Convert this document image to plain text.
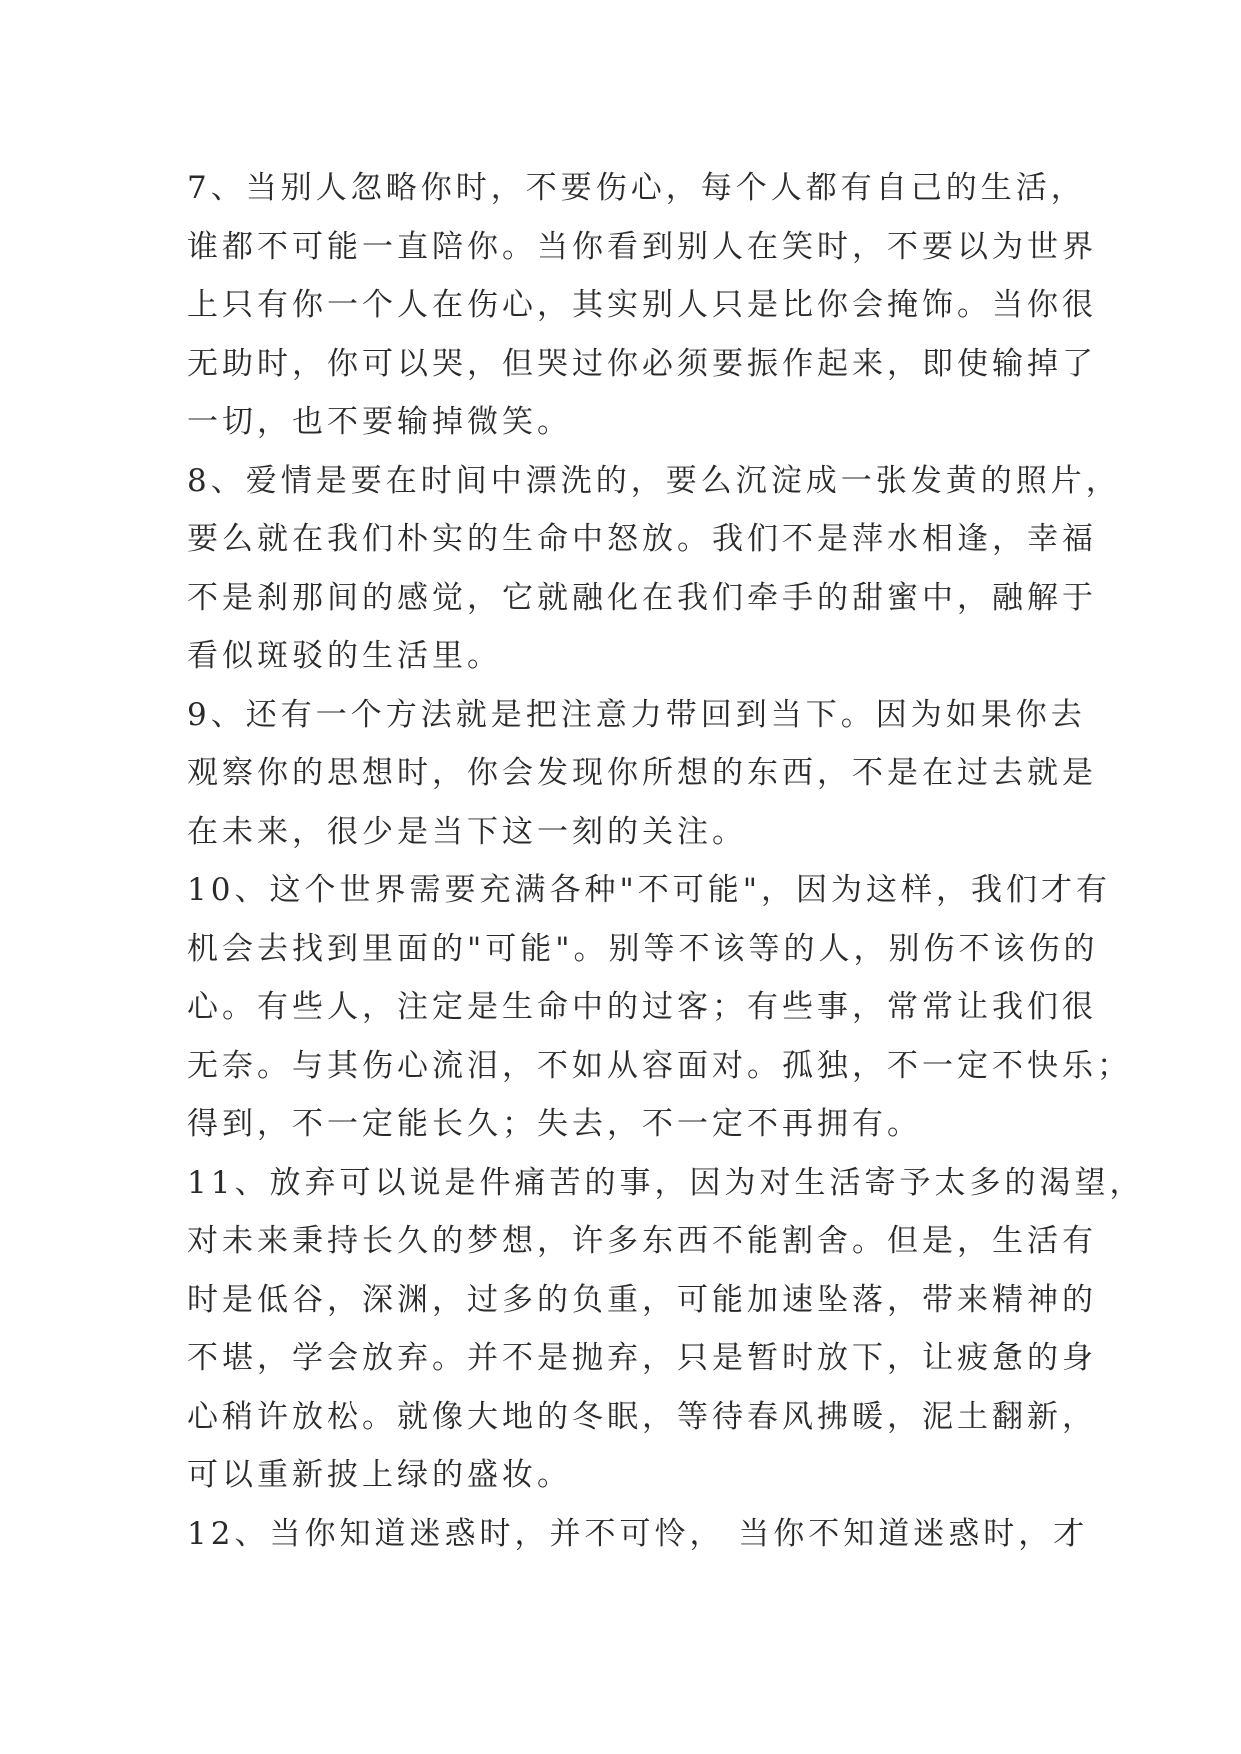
7、当别人忽略你时，不要伤心，每个人都有自己的生活，
谁都不可能一直陪你。当你看到别人在笑时，不要以为世界
上只有你一个人在伤心，其实别人只是比你会掩饰。当你很
无助时，你可以哭，但哭过你必须要振作起来，即使输掉了
一切，也不要输掉微笑。
8、爱情是要在时间中漂洗的，要么沉淀成一张发黄的照片，
要么就在我们朴实的生命中怒放。我们不是萍水相逢，幸福
不是刹那间的感觉，它就融化在我们牵手的甜蜜中，融解于
看似斑驳的生活里。
9、还有一个方法就是把注意力带回到当下。因为如果你去
观察你的思想时，你会发现你所想的东西，不是在过去就是
在未来，很少是当下这一刻的关注。
10、这个世界需要充满各种"不可能"，因为这样，我们才有
机会去找到里面的"可能"。别等不该等的人，别伤不该伤的
心。有些人，注定是生命中的过客；有些事，常常让我们很
无奈。与其伤心流泪，不如从容面对。孤独，不一定不快乐；
得到，不一定能长久；失去，不一定不再拥有。
11、放弃可以说是件痛苦的事，因为对生活寄予太多的渴望，
对未来秉持长久的梦想，许多东西不能割舍。但是，生活有
时是低谷，深渊，过多的负重，可能加速坠落，带来精神的
不堪，学会放弃。并不是抛弃，只是暂时放下，让疲惫的身
心稍许放松。就像大地的冬眠，等待春风拂暖，泥土翻新，
可以重新披上绿的盛妆。
12、当你知道迷惑时，并不可怜， 当你不知道迷惑时，才
